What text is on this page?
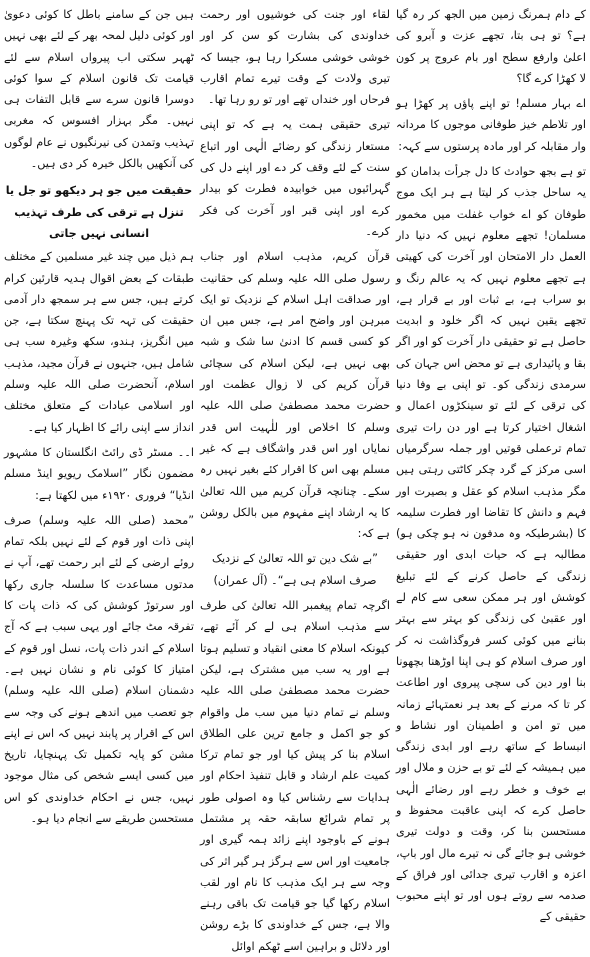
کے دام ہمرنگ زمین میں الجھ کر رہ گیا ہے؟ تو ہی بتا، تجھے عزت و آبرو کی اعلیٰ وارفع سطح اور بام عروج پر کون لا کھڑا کرے گا؟

اے بہار مسلم! تو اپنے پاؤں پر کھڑا ہو اور تلاطم خیز طوفانی موجوں کا مردانہ وار مقابلہ کر اور مادہ پرستوں سے کہہ:

تو ہے بجھ حوادث کا دل جرأت بدامان کو یہ ساحل جذب کر لیتا ہے ہر ایک موج طوفان کو اے خواب غفلت میں مخمور مسلمان! تجھے معلوم نہیں کہ دنیا دار العمل دار الامتحان اور آخرت کی کھیتی ہے تجھے معلوم نہیں کہ یہ عالم رنگ و بو سراب ہے، بے ثبات اور بے قرار ہے، تجھے یقین نہیں کہ اگر خلود و ابدیت حاصل ہے تو حقیقی دار آخرت کو اور اگر بقا و پائیداری ہے تو محض اس جہان کی سرمدی زندگی کو۔ تو اپنی بے وفا دنیا کی ترقی کے لئے تو سینکڑوں اعمال و اشغال اختیار کرتا ہے اور دن رات تیری تمام ترعملی قوتیں اور جملہ سرگرمیاں اسی مرکز کے گرد چکر کاٹتی رہتی ہیں مگر مذہب اسلام کو عقل و بصیرت اور فہم و دانش کا تقاضا اور فطرت سلیمہ کا (بشرطیکہ وہ مدفون نہ ہو چکی ہو) مطالبہ ہے کہ حیات ابدی اور حقیقی زندگی کے حاصل کرنے کے لئے تبلیغ کوشش اور ہر ممکن سعی سے کام لے اور عقبیٰ کی زندگی کو بہتر سے بہتر بنانے میں کوئی کسر فروگذاشت نہ کر اور صرف اسلام کو ہی اپنا اوڑھنا بچھونا بنا اور دین کی سچی پیروی اور اطاعت کر تا کہ مرنے کے بعد ہر نعمتہائے زمانہ میں تو امن و اطمینان اور نشاط و انبساط کے ساتھ رہے اور ابدی زندگی میں ہمیشہ کے لئے تو بے حزن و ملال اور بے خوف و خطر رہے اور رضائے الٰہی حاصل کرے کہ اپنی عاقبت محفوظ و مستحسن بنا کر، وقت و دولت تیری خوشی ہو جائے گی نہ تیرے مال اور باپ، اعزہ و اقارب تیری جدائی اور فراق کے صدمہ سے روتے ہوں اور تو اپنے محبوب حقیقی کے

لقاء اور جنت کی خوشیوں اور رحمت خداوندی کی بشارت کو سن کر اور خوشی خوشی مسکرا رہا ہو، جیسا کہ تیری ولادت کے وقت تیرے تمام اقارب فرحاں اور خنداں تھے اور تو رو رہا تھا۔

تیری حقیقی ہمت یہ ہے کہ تو اپنی مستعار زندگی کو رضائے الٰہی اور اتباع سنت کے لئے وقف کر دے اور اپنے دل کی گہرائیوں میں خوابیدہ فطرت کو بیدار کرے اور اپنی قبر اور آخرت کی فکر کرے۔

قرآن کریم، مذہب اسلام اور جناب رسول صلی اللہ علیہ وسلم کی حقانیت اور صداقت اہل اسلام کے نزدیک تو ایک مبرہن اور واضح امر ہے، جس میں ان کو کسی قسم کا ادنیٰ سا شک و شبہ بھی نہیں ہے، لیکن اسلام کی سچائی قرآن کریم کی لا زوال عظمت اور حضرت محمد مصطفیٰ صلی اللہ علیہ وسلم کا اخلاص اور للٰہیت اس قدر نمایاں اور اس قدر واشگاف ہے کہ غیر مسلم بھی اس کا اقرار کئے بغیر نہیں رہ سکے۔ چنانچہ قرآن کریم میں اللہ تعالیٰ کا یہ ارشاد اپنے مفہوم میں بالکل روشن ہے کہ:

”بے شک دین تو اللہ تعالیٰ کے نزدیک صرف اسلام ہی ہے“۔ (آل عمران)

اگرچہ تمام پیغمبر اللہ تعالیٰ کی طرف سے مذہب اسلام ہی لے کر آئے تھے، کیونکہ اسلام کا معنی انقیاد و تسلیم ہوتا ہے اور یہ سب میں مشترک ہے، لیکن حضرت محمد مصطفیٰ صلی اللہ علیہ وسلم نے تمام دنیا میں سب مل واقوام کو جو اکمل و جامع ترین علی الطلاق اسلام بنا کر پیش کیا اور جو تمام ترکا کمیت علم ارشاد و قابل تنفیذ احکام اور ہدایات سے رشناس کیا وہ اصولی طور پر تمام شرائع سابقہ حقہ پر مشتمل ہونے کے باوجود اپنے زائد ہمہ گیری اور جامعیت اور اس سے ہرگز ہر گیر اثر کی وجہ سے ہر ایک مذہب کا نام اور لقب اسلام رکھا گیا جو قیامت تک باقی رہنے والا ہے، جس کے خداوندی کا بڑے روشن اور دلائل و براہین اسے ٹھکم اوائل

ہیں جن کے سامنے باطل کا کوئی دعویٰ اور کوئی دلیل لمحہ بھر کے لئے بھی نہیں ٹھہر سکتی اب پیرواں اسلام سے لئے قیامت تک قانون اسلام کے سوا کوئی دوسرا قانون سرے سے قابل التفات ہی نہیں۔ مگر بہزار افسوس کہ مغربی تہذیب وتمدن کی نیرنگیوں نے عام لوگوں کی آنکھیں بالکل خیرہ کر دی ہیں۔

حقیقت میں جو ہر دیکھو تو جل یا تنزل ہے ترقی کی طرف تہذیب انسانی نہیں جاتی

ہم ذیل میں چند غیر مسلمین کے مختلف طبقات کے بعض اقوال ہدیہ قارئین کرام کرتے ہیں، جس سے ہر سمجھ دار آدمی حقیقت کی تہہ تک پہنچ سکتا ہے، جن میں انگریز، ہندو، سکھ وغیرہ سب ہی شامل ہیں، جنہوں نے قرآن مجید، مذہب اسلام، آنحضرت صلی اللہ علیہ وسلم اور اسلامی عبادات کے متعلق مختلف انداز سے اپنی رائے کا اظہار کیا ہے۔

ا۔۔ مسٹر ڈی رائٹ انگلستان کا مشہور مضمون نگار ”اسلامک ریویو اینڈ مسلم انڈیا“ فروری ۱۹۲۰ء میں لکھتا ہے:

”محمد (صلی اللہ علیہ وسلم) صرف اپنی ذات اور قوم کے لئے نہیں بلکہ تمام روئے ارضی کے لئے ابر رحمت تھے، آپ نے مدتوں مساعدت کا سلسلہ جاری رکھا اور سرتوڑ کوشش کی کہ ذات پات کا تفرقہ مٹ جائے اور یہی سبب ہے کہ آج اسلام کے اندر ذات پات، نسل اور قوم کے امتیاز کا کوئی نام و نشان نہیں ہے۔ دشمنان اسلام (صلی اللہ علیہ وسلم) جو تعصب میں اندھے ہونے کی وجہ سے اس کے اقرار پر پابند نہیں کہ اس نے اپنے مشن کو پایہ تکمیل تک پہنچایا، تاریخ میں کسی ایسے شخص کی مثال موجود نہیں، جس نے احکام خداوندی کو اس مستحسن طریقے سے انجام دیا ہو۔
